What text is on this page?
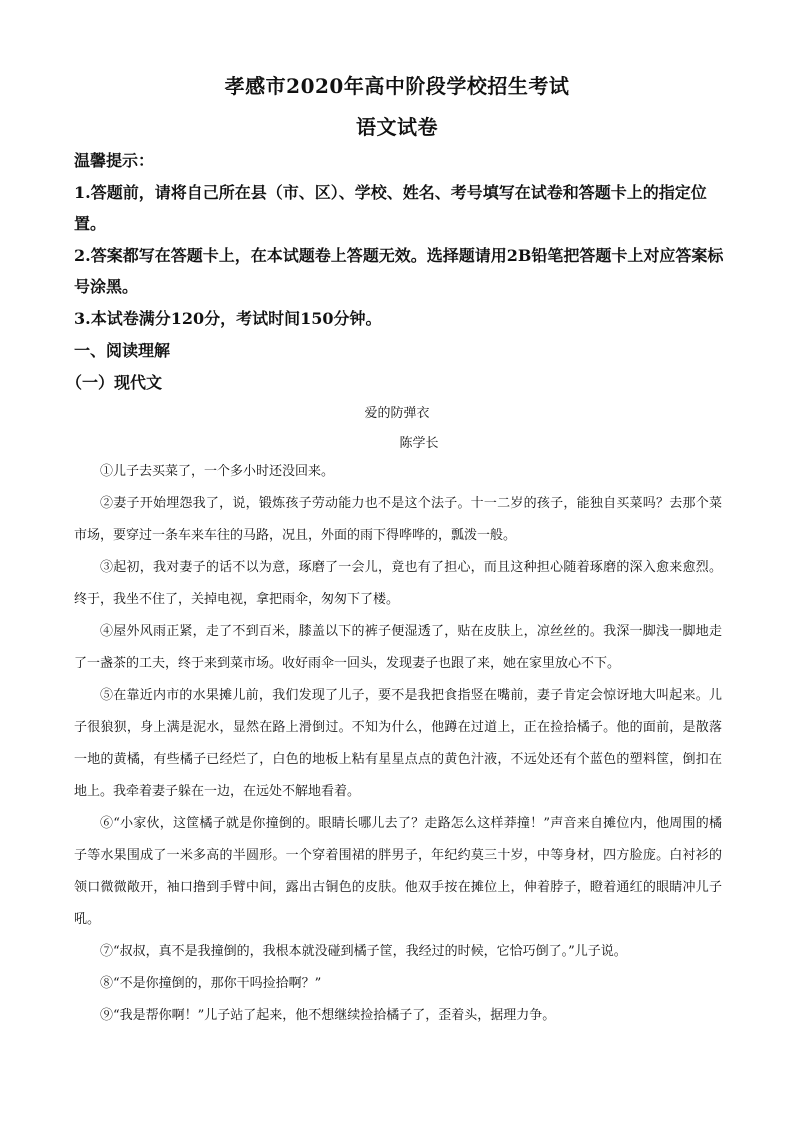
孝感市2020年高中阶段学校招生考试
语文试卷
温馨提示：
1.答题前，请将自己所在县（市、区）、学校、姓名、考号填写在试卷和答题卡上的指定位置。
2.答案都写在答题卡上，在本试题卷上答题无效。选择题请用2B铅笔把答题卡上对应答案标号涂黑。
3.本试卷满分120分，考试时间150分钟。
一、阅读理解
（一）现代文
爱的防弹衣
陈学长

①儿子去买菜了，一个多小时还没回来。

②妻子开始埋怨我了，说，锻炼孩子劳动能力也不是这个法子。十一二岁的孩子，能独自买菜吗？去那个菜市场，要穿过一条车来车往的马路，况且，外面的雨下得哗哗的，瓢泼一般。

③起初，我对妻子的话不以为意，琢磨了一会儿，竟也有了担心，而且这种担心随着琢磨的深入愈来愈烈。终于，我坐不住了，关掉电视，拿把雨伞，匆匆下了楼。

④屋外风雨正紧，走了不到百米，膝盖以下的裤子便湿透了，贴在皮肤上，凉丝丝的。我深一脚浅一脚地走了一盏茶的工夫，终于来到菜市场。收好雨伞一回头，发现妻子也跟了来，她在家里放心不下。

⑤在靠近内市的水果摊儿前，我们发现了儿子，要不是我把食指竖在嘴前，妻子肯定会惊讶地大叫起来。儿子很狼狈，身上满是泥水，显然在路上滑倒过。不知为什么，他蹲在过道上，正在捡拾橘子。他的面前，是散落一地的黄橘，有些橘子已经烂了，白色的地板上粘有星星点点的黄色汁液，不远处还有个蓝色的塑料筐，倒扣在地上。我牵着妻子躲在一边，在远处不解地看着。

⑥“小家伙，这筐橘子就是你撞倒的。眼睛长哪儿去了？走路怎么这样莽撞！”声音来自摊位内，他周围的橘子等水果围成了一米多高的半圆形。一个穿着围裙的胖男子，年纪约莫三十岁，中等身材，四方脸庞。白衬衫的领口微微敞开，袖口撸到手臂中间，露出古铜色的皮肤。他双手按在摊位上，伸着脖子，瞪着通红的眼睛冲儿子吼。

⑦“叔叔，真不是我撞倒的，我根本就没碰到橘子筐，我经过的时候，它恰巧倒了。”儿子说。

⑧“不是你撞倒的，那你干吗捡拾啊？”

⑨“我是帮你啊！”儿子站了起来，他不想继续捡拾橘子了，歪着头，据理力争。
